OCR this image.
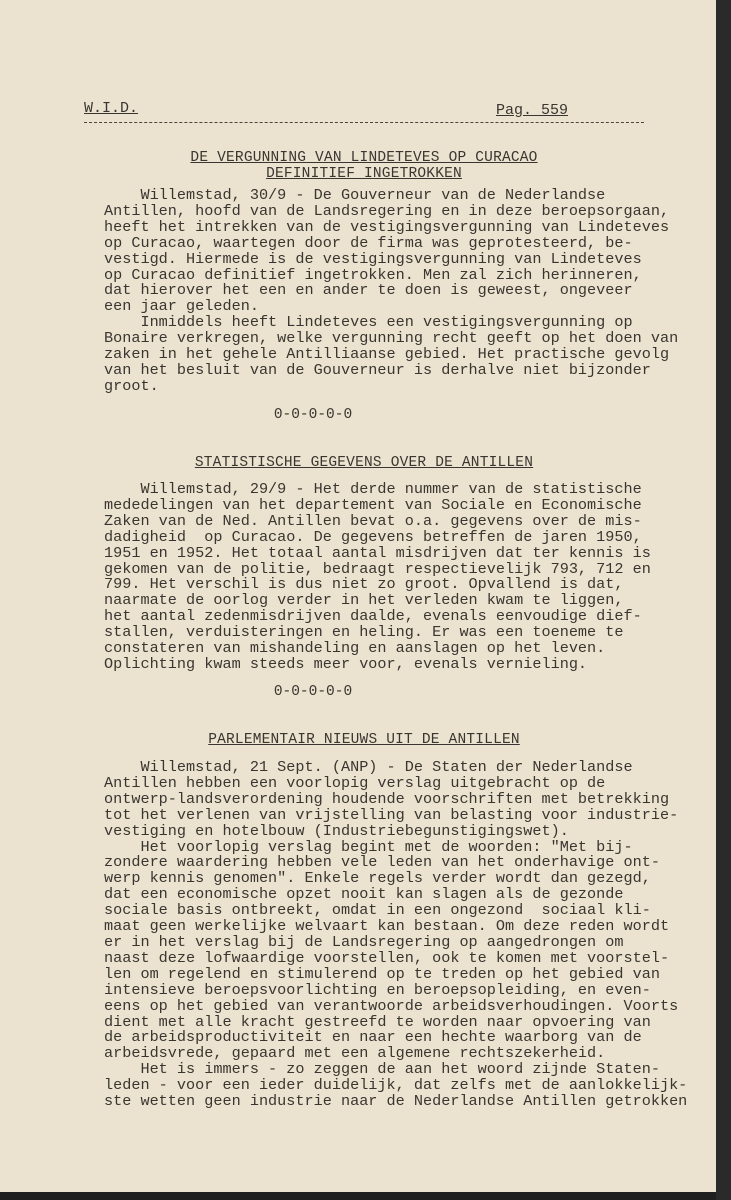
W.I.D.	Pag. 559
DE VERGUNNING VAN LINDETEVES OP CURACAO
DEFINITIEF INGETROKKEN
Willemstad, 30/9 - De Gouverneur van de Nederlandse
Antillen, hoofd van de Landsregering en in deze beroepsorgaan,
heeft het intrekken van de vestigingsvergunning van Lindeteves
op Curacao, waartegen door de firma was geprotesteerd, be-
vestigd. Hiermede is de vestigingsvergunning van Lindeteves
op Curacao definitief ingetrokken. Men zal zich herinneren,
dat hierover het een en ander te doen is geweest, ongeveer
een jaar geleden.
Inmiddels heeft Lindeteves een vestigingsvergunning op
Bonaire verkregen, welke vergunning recht geeft op het doen van
zaken in het gehele Antilliaanse gebied. Het practische gevolg
van het besluit van de Gouverneur is derhalve niet bijzonder
groot.
0-0-0-0-0
STATISTISCHE GEGEVENS OVER DE ANTILLEN
Willemstad, 29/9 - Het derde nummer van de statistische
mededelingen van het departement van Sociale en Economische
Zaken van de Ned. Antillen bevat o.a. gegevens over de mis-
dadigheid  op Curacao. De gegevens betreffen de jaren 1950,
1951 en 1952. Het totaal aantal misdrijven dat ter kennis is
gekomen van de politie, bedraagt respectievelijk 793, 712 en
799. Het verschil is dus niet zo groot. Opvallend is dat,
naarmate de oorlog verder in het verleden kwam te liggen,
het aantal zedenmisdrijven daalde, evenals eenvoudige dief-
stallen, verduisteringen en heling. Er was een toeneme te
constateren van mishandeling en aanslagen op het leven.
Oplichting kwam steeds meer voor, evenals vernieling.
0-0-0-0-0
PARLEMENTAIR NIEUWS UIT DE ANTILLEN
Willemstad, 21 Sept. (ANP) - De Staten der Nederlandse
Antillen hebben een voorlopig verslag uitgebracht op de
ontwerp-landsverordening houdende voorschriften met betrekking
tot het verlenen van vrijstelling van belasting voor industrie-
vestiging en hotelbouw (Industriebegunstigingswet).
Het voorlopig verslag begint met de woorden: "Met bij-
zondere waardering hebben vele leden van het onderhavige ont-
werp kennis genomen". Enkele regels verder wordt dan gezegd,
dat een economische opzet nooit kan slagen als de gezonde
sociale basis ontbreekt, omdat in een ongezond  sociaal kli-
maat geen werkelijke welvaart kan bestaan. Om deze reden wordt
er in het verslag bij de Landsregering op aangedrongen om
naast deze lofwaardige voorstellen, ook te komen met voorstel-
len om regelend en stimulerend op te treden op het gebied van
intensieve beroepsvoorlichting en beroepsopleiding, en even-
eens op het gebied van verantwoorde arbeidsverhoudingen. Voorts
dient met alle kracht gestreefd te worden naar opvoering van
de arbeidsproductiviteit en naar een hechte waarborg van de
arbeidsvrede, gepaard met een algemene rechtszekerheid.
Het is immers - zo zeggen de aan het woord zijnde Staten-
leden - voor een ieder duidelijk, dat zelfs met de aanlokkelijk-
ste wetten geen industrie naar de Nederlandse Antillen getrokken
